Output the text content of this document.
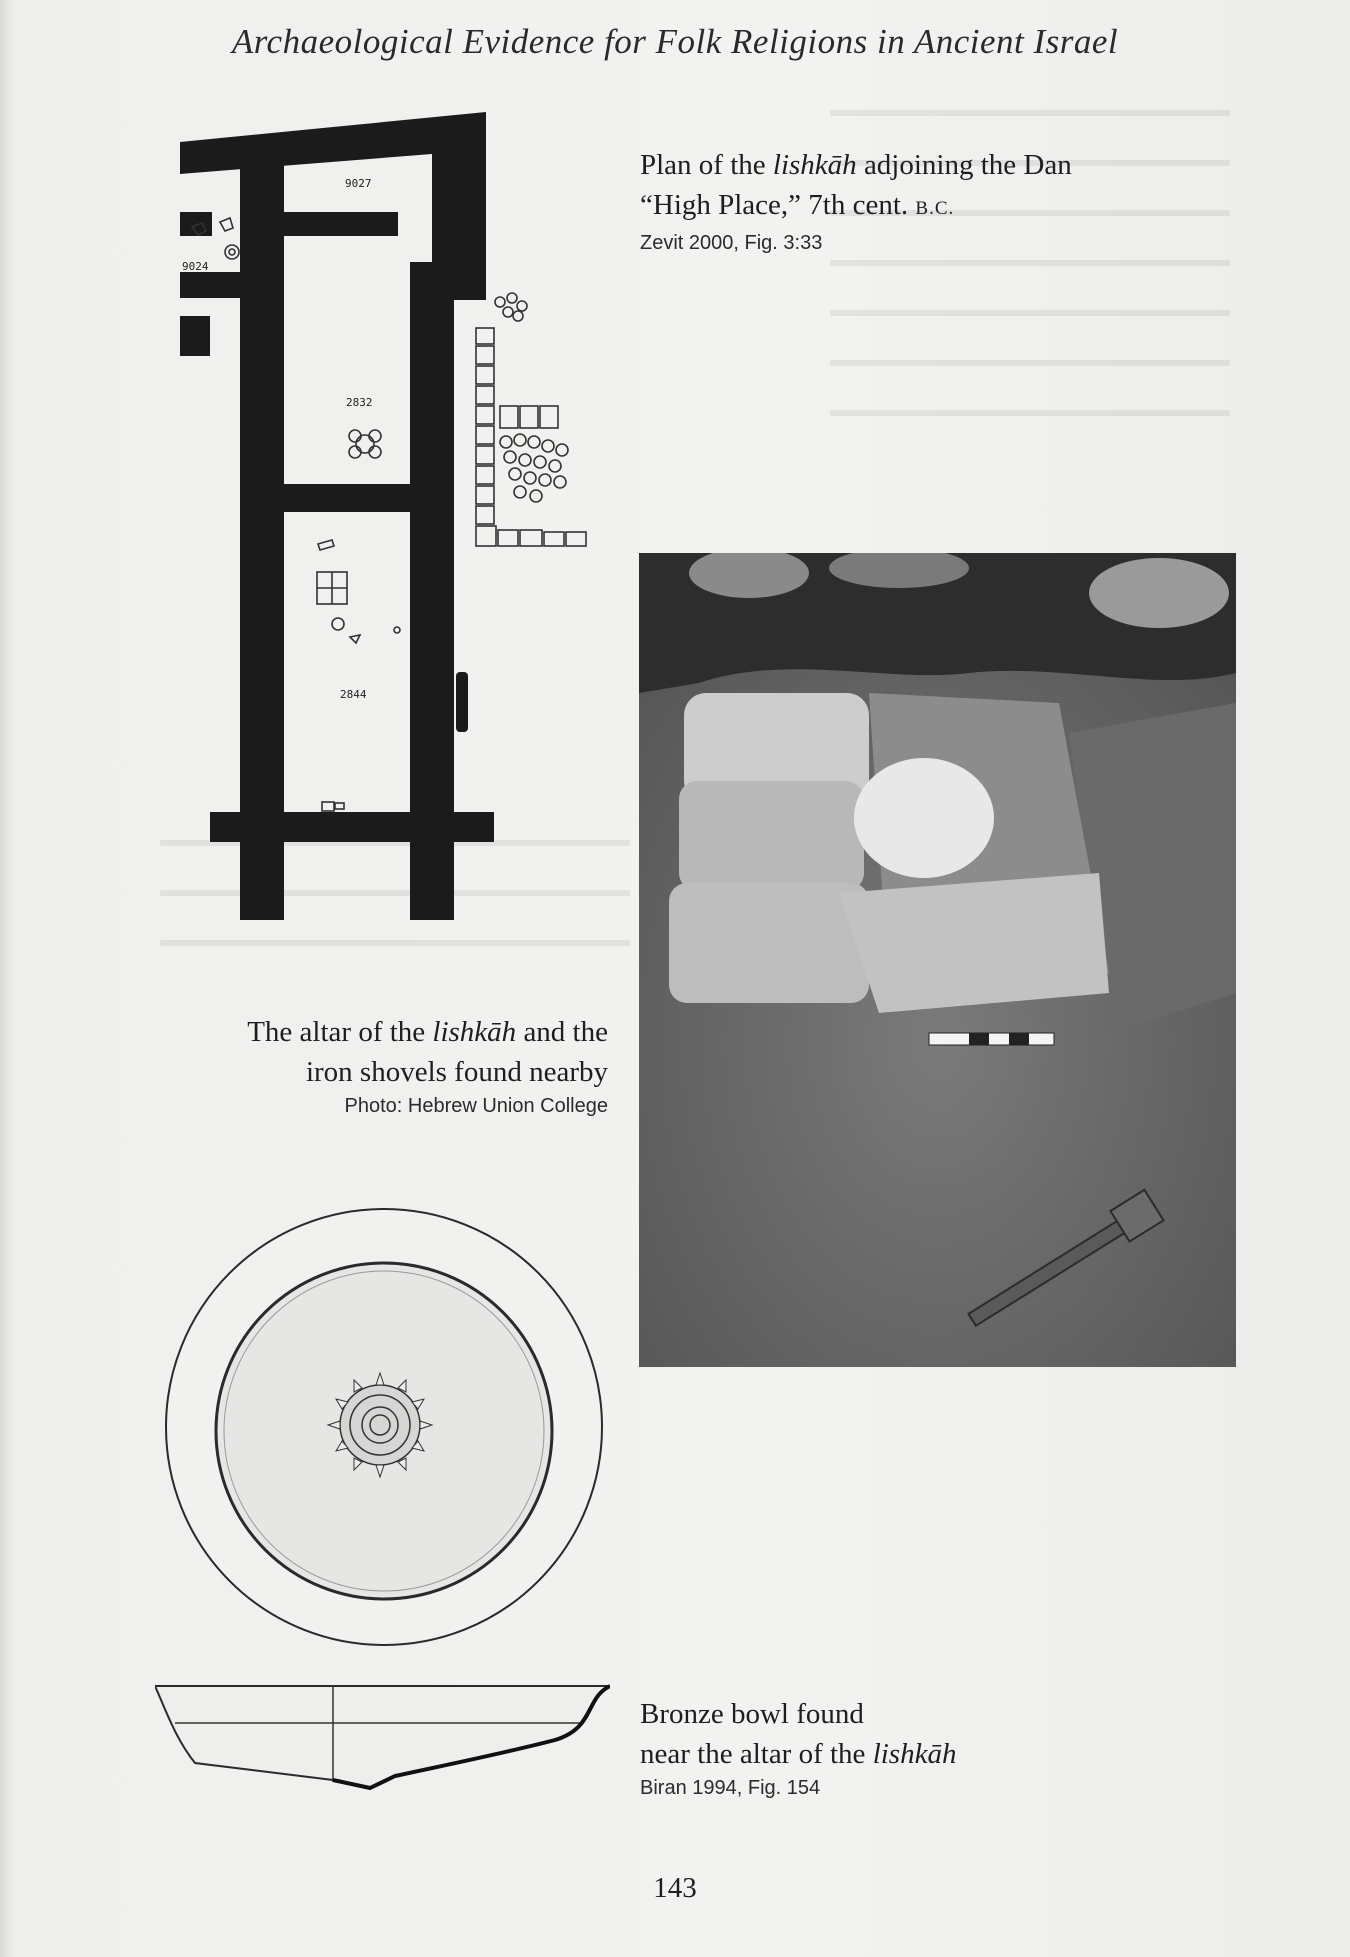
Archaeological Evidence for Folk Religions in Ancient Israel
9027
9024
2832
2844
Plan of the lishkāh adjoining the Dan
“High Place,” 7th cent. B.C.
Zevit 2000, Fig. 3:33
The altar of the lishkāh and the
iron shovels found nearby
Photo: Hebrew Union College
Bronze bowl found
near the altar of the lishkāh
Biran 1994, Fig. 154
143
